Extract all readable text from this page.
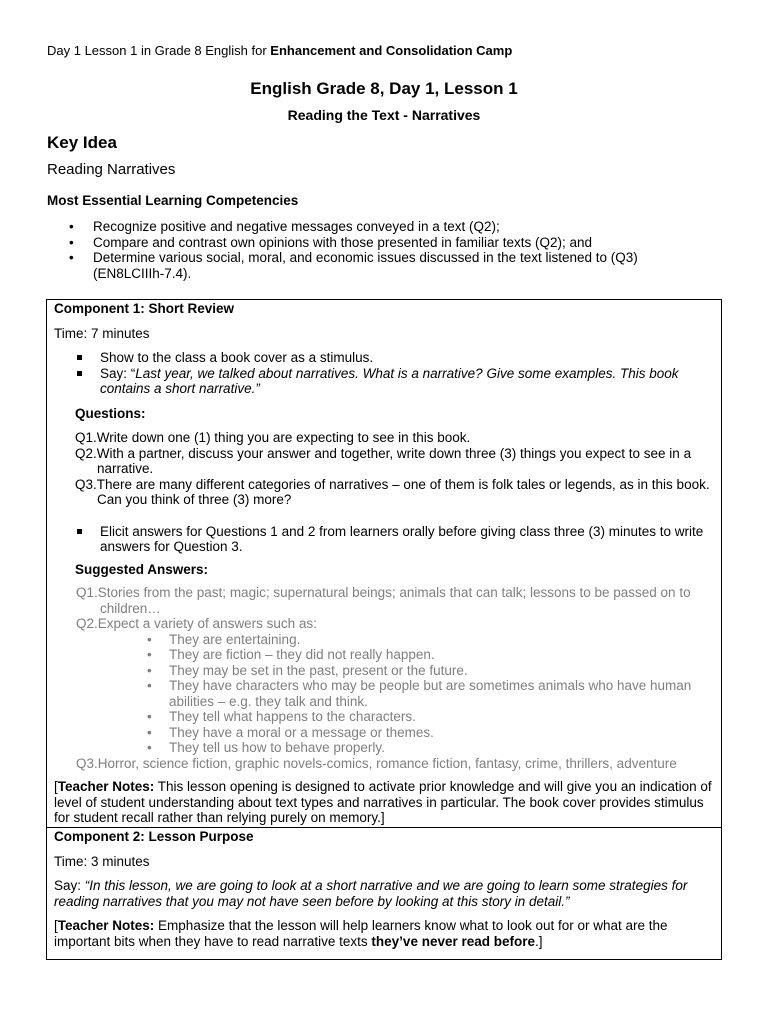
Day 1 Lesson 1 in Grade 8 English for Enhancement and Consolidation Camp
English Grade 8, Day 1, Lesson 1
Reading the Text - Narratives
Key Idea
Reading Narratives
Most Essential Learning Competencies
• Recognize positive and negative messages conveyed in a text (Q2);
• Compare and contrast own opinions with those presented in familiar texts (Q2); and
• Determine various social, moral, and economic issues discussed in the text listened to (Q3) (EN8LCIIIh-7.4).
Component 1: Short Review
Time: 7 minutes
Show to the class a book cover as a stimulus.
Say: “Last year, we talked about narratives. What is a narrative? Give some examples. This book contains a short narrative.”
Questions:
Q1.Write down one (1) thing you are expecting to see in this book.
Q2.With a partner, discuss your answer and together, write down three (3) things you expect to see in a narrative.
Q3.There are many different categories of narratives – one of them is folk tales or legends, as in this book. Can you think of three (3) more?
Elicit answers for Questions 1 and 2 from learners orally before giving class three (3) minutes to write answers for Question 3.
Suggested Answers:
Q1.Stories from the past; magic; supernatural beings; animals that can talk; lessons to be passed on to children…
Q2.Expect a variety of answers such as:
• They are entertaining.
• They are fiction – they did not really happen.
• They may be set in the past, present or the future.
• They have characters who may be people but are sometimes animals who have human abilities – e.g. they talk and think.
• They tell what happens to the characters.
• They have a moral or a message or themes.
• They tell us how to behave properly.
Q3.Horror, science fiction, graphic novels-comics, romance fiction, fantasy, crime, thrillers, adventure
[Teacher Notes: This lesson opening is designed to activate prior knowledge and will give you an indication of level of student understanding about text types and narratives in particular. The book cover provides stimulus for student recall rather than relying purely on memory.]
Component 2: Lesson Purpose
Time: 3 minutes
Say: “In this lesson, we are going to look at a short narrative and we are going to learn some strategies for reading narratives that you may not have seen before by looking at this story in detail.”
[Teacher Notes: Emphasize that the lesson will help learners know what to look out for or what are the important bits when they have to read narrative texts they’ve never read before.]
